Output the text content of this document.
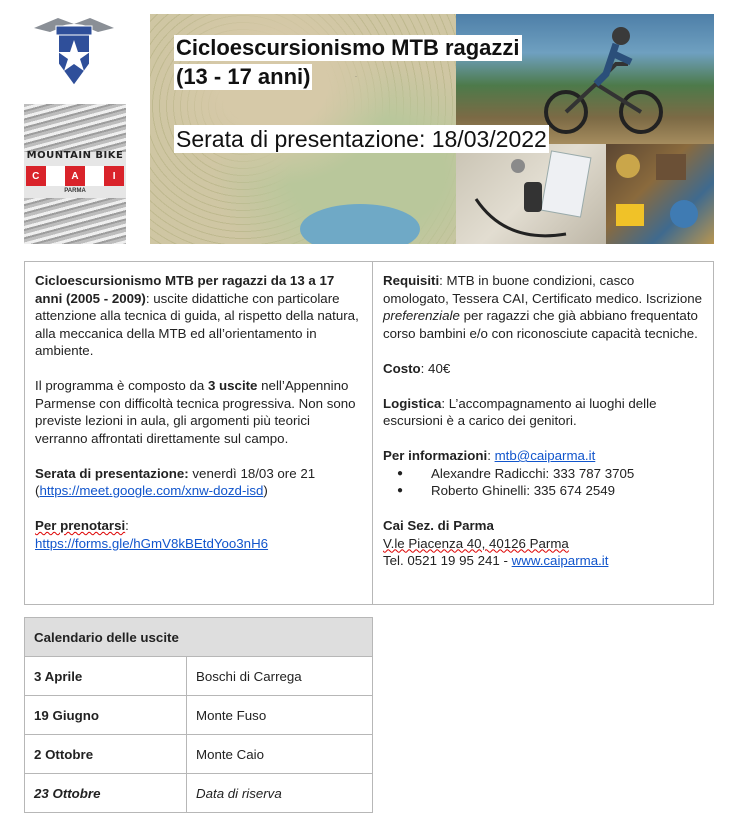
MOUNTAIN BIKE
C	A	I
PARMA
·
Cicloescursionismo MTB ragazzi
(13 - 17 anni)
Serata di presentazione: 18/03/2022

Cicloescursionismo MTB per ragazzi da 13 a 17 anni (2005 - 2009): uscite didattiche con particolare attenzione alla tecnica di guida, al rispetto della natura, alla meccanica della MTB ed all’orientamento in ambiente.

Il programma è composto da 3 uscite nell’Appennino Parmense con difficoltà tecnica progressiva. Non sono previste lezioni in aula, gli argomenti più teorici verranno affrontati direttamente sul campo.

Serata di presentazione: venerdì 18/03 ore 21
(https://meet.google.com/xnw-dozd-isd)

Per prenotarsi:
https://forms.gle/hGmV8kBEtdYoo3nH6

Requisiti: MTB in buone condizioni, casco omologato, Tessera CAI, Certificato medico. Iscrizione preferenziale per ragazzi che già abbiano frequentato corso bambini e/o con riconosciute capacità tecniche.

Costo: 40€

Logistica: L’accompagnamento ai luoghi delle escursioni è a carico dei genitori.

Per informazioni: mtb@caiparma.it
● Alexandre Radicchi: 333 787 3705
● Roberto Ghinelli: 335 674 2549

Cai Sez. di Parma
V.le Piacenza 40, 40126 Parma
Tel. 0521 19 95 241 - www.caiparma.it

Calendario delle uscite	
3 Aprile	Boschi di Carrega
19 Giugno	Monte Fuso
2 Ottobre	Monte Caio
23 Ottobre	Data di riserva
